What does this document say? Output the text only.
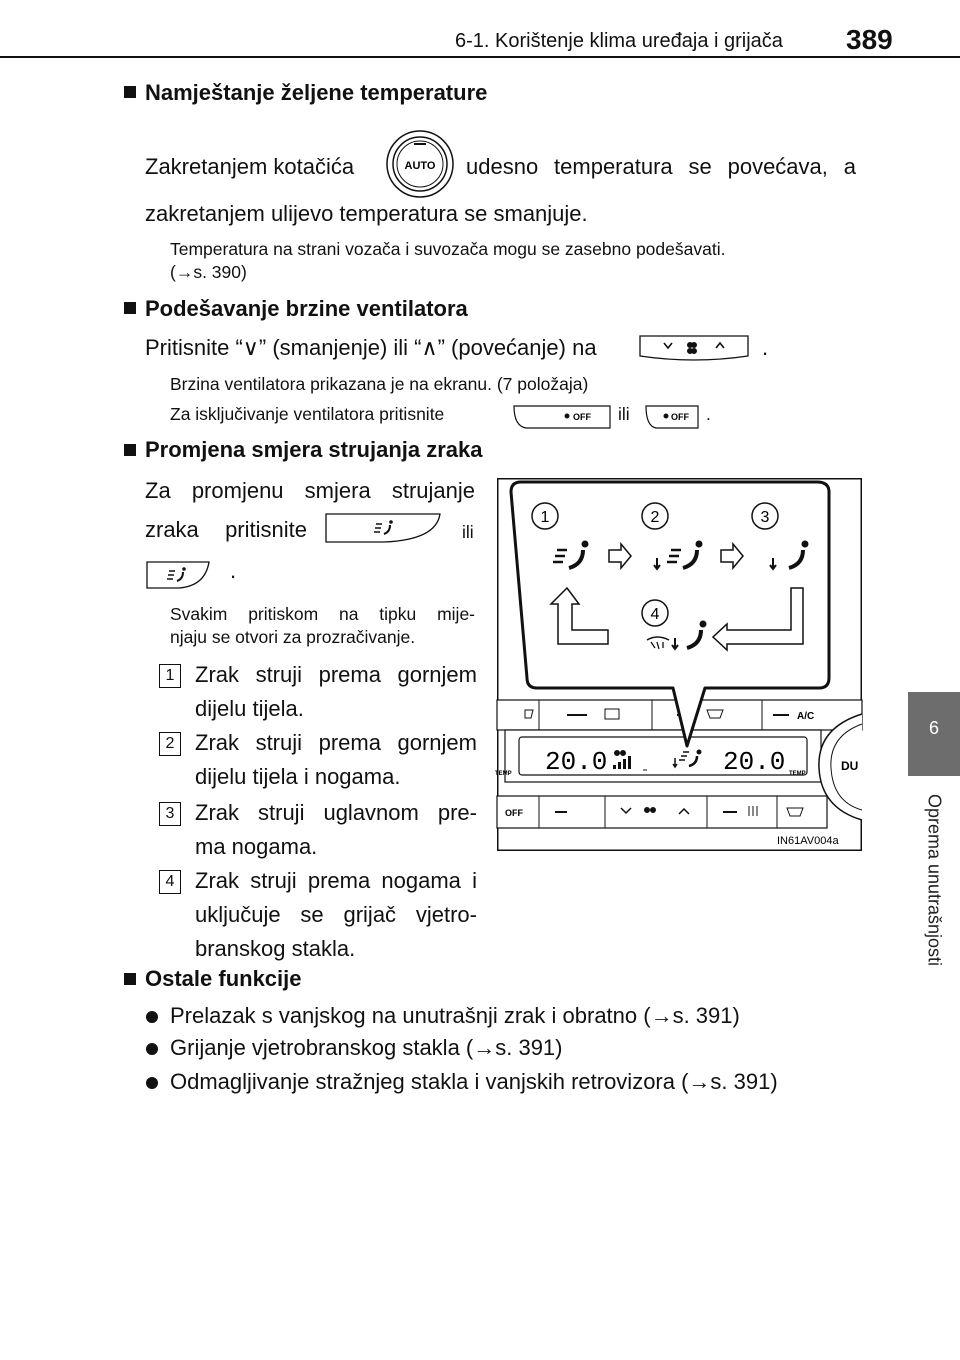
6-1. Korištenje klima uređaja i grijača 389
6
Oprema unutrašnjosti
Namještanje željene temperature
Zakretanjem kotačića	AUTO udesno temperatura se povećava, a
zakretanjem ulijevo temperatura se smanjuje.
Temperatura na strani vozača i suvozača mogu se zasebno podešavati.
(→s. 390)
Podešavanje brzine ventilatora
Pritisnite “∨” (smanjenje) ili “∧” (povećanje) na	.
Brzina ventilatora prikazana je na ekranu. (7 položaja)
Za isključivanje ventilatora pritisnite	OFF ili	OFF .
Promjena smjera strujanja zraka
Za promjenu smjera strujanje
zraka pritisnite	ili
.
Svakim pritiskom na tipku mije-
njaju se otvori za prozračivanje.
1 Zrak struji prema gornjem
dijelu tijela.
2 Zrak struji prema gornjem
dijelu tijela i nogama.
3 Zrak struji uglavnom pre-
ma nogama.
4 Zrak struji prema nogama i
uključuje se grijač vjetro-
branskog stakla.
A/C
20.0	20.0
TEMP	TEMP
DU
OFF
1	2	3
4
IN61AV004a
Ostale funkcije
Prelazak s vanjskog na unutrašnji zrak i obratno (→s. 391)
Grijanje vjetrobranskog stakla (→s. 391)
Odmagljivanje stražnjeg stakla i vanjskih retrovizora (→s. 391)
